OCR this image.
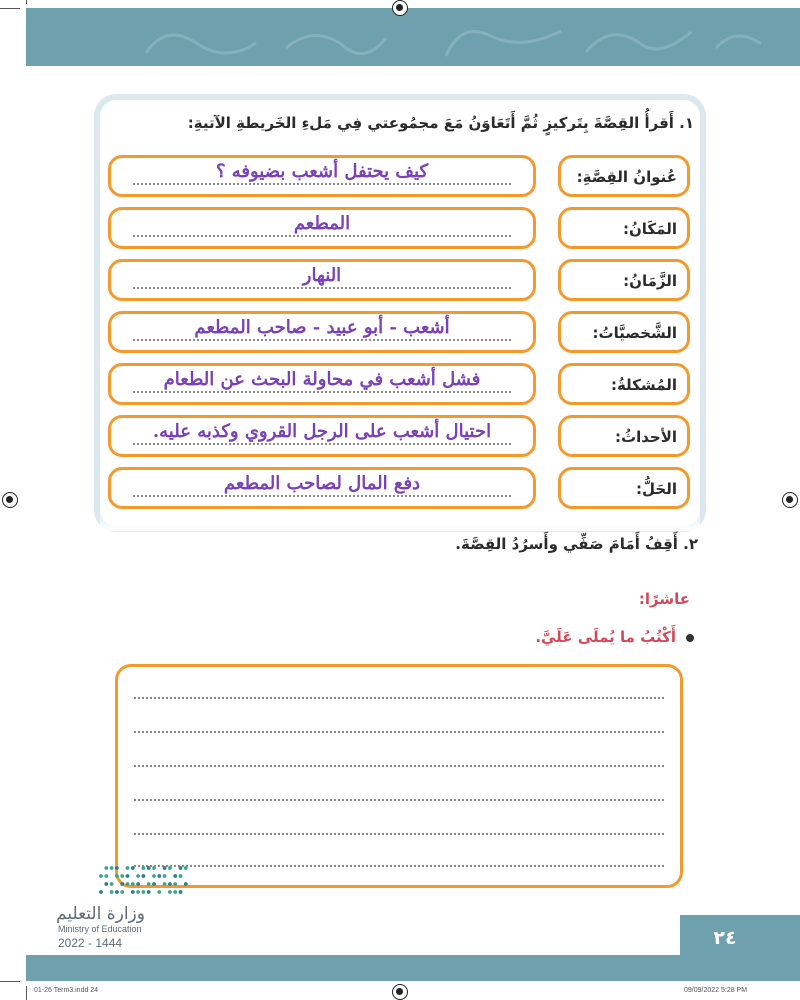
٢٤
١. أَقرأُ القِصَّةَ بِتَركيزٍ ثُمَّ أَتَعَاوَنُ مَعَ مجمُوعتي فِي مَلءِ الخَريطةِ الآتيةِ:
عُنوانُ القِصَّةِ:
كيف يحتفل أشعب بضيوفه ؟
المَكَانُ:
المطعم
الزَّمَانُ:
النهار
الشَّخصيَّاتُ:
أشعب - أبو عبيد - صاحب المطعم
المُشكلةُ:
فشل أشعب في محاولة البحث عن الطعام
الأحداثُ:
احتيال أشعب على الرجل القروي وكذبه عليه.
الحَلُّ:
دفع المال لصاحب المطعم
٢. أَقِفُ أَمَامَ صَفِّي وأَسرُدُ القِصَّةَ.
عاشرًا:
أَكْتُبُ ما يُملَى عَلَيَّ.
وزارة التعليم
Ministry of Education
2022 - 1444
01-26 Term3.indd 24	09/09/2022 5:28 PM
